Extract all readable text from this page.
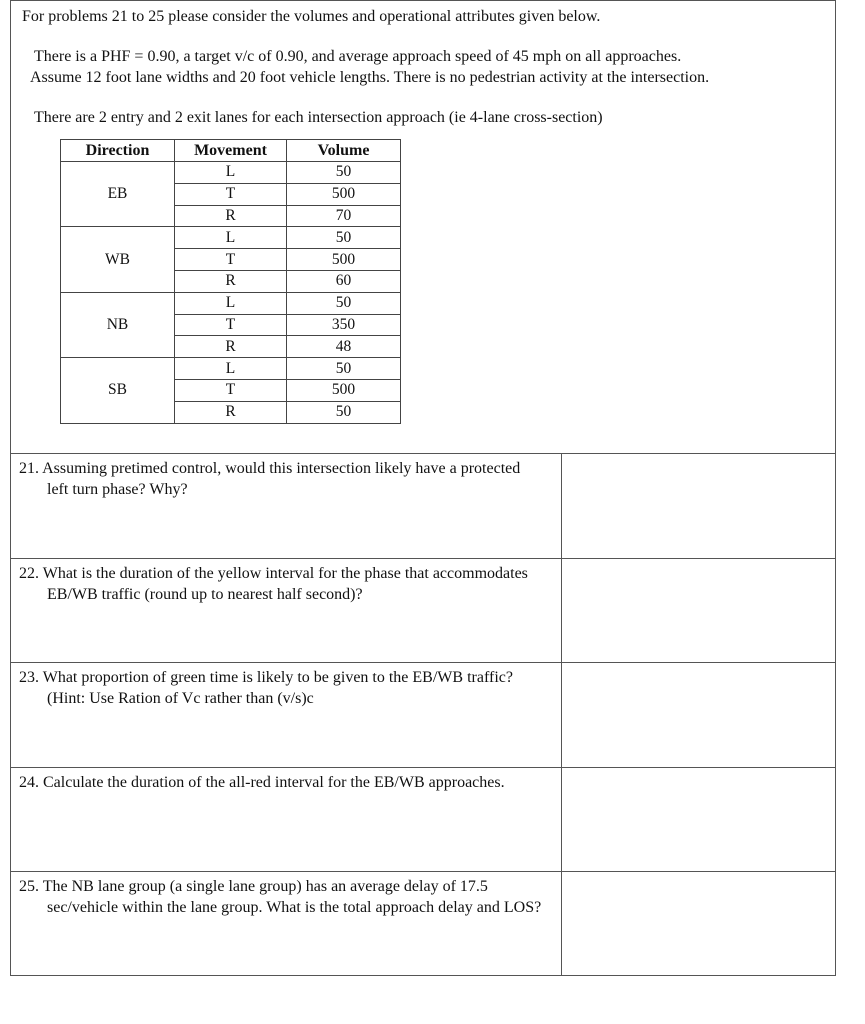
For problems 21 to 25 please consider the volumes and operational attributes given below.

There is a PHF = 0.90, a target v/c of 0.90, and average approach speed of 45 mph on all approaches.
Assume 12 foot lane widths and 20 foot vehicle lengths. There is no pedestrian activity at the intersection.

There are 2 entry and 2 exit lanes for each intersection approach (ie 4-lane cross-section)

Direction	Movement	Volume
EB	L	50
	T	500
	R	70
WB	L	50
	T	500
	R	60
NB	L	50
	T	350
	R	48
SB	L	50
	T	500
	R	50
21. Assuming pretimed control, would this intersection likely have a protected left turn phase? Why?
22. What is the duration of the yellow interval for the phase that accommodates EB/WB traffic (round up to nearest half second)?
23. What proportion of green time is likely to be given to the EB/WB traffic? (Hint: Use Ration of Vc rather than (v/s)c
24. Calculate the duration of the all-red interval for the EB/WB approaches.
25. The NB lane group (a single lane group) has an average delay of 17.5 sec/vehicle within the lane group. What is the total approach delay and LOS?
